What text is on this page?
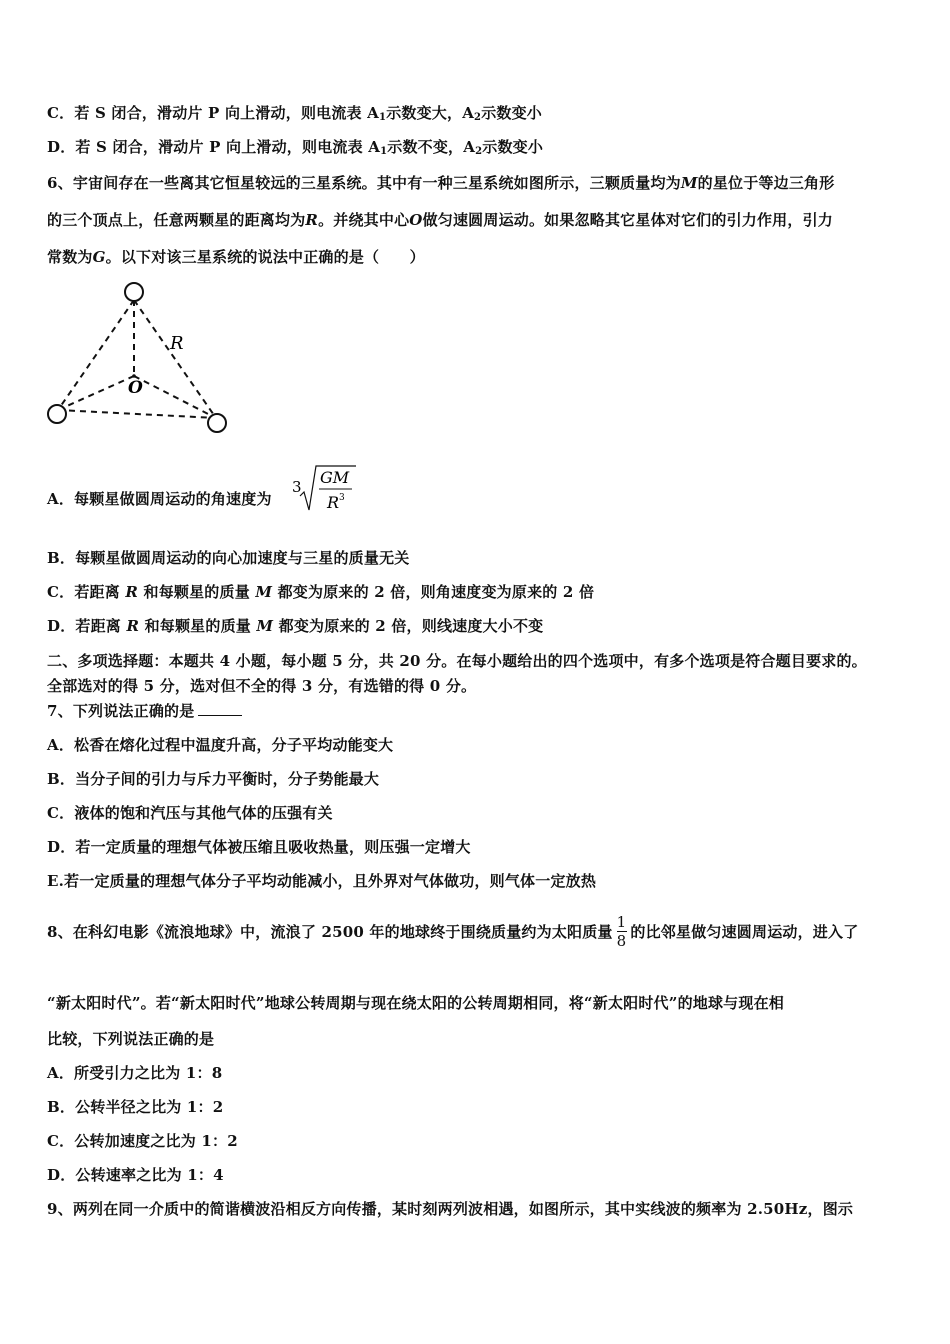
C．若 S 闭合，滑动片 P 向上滑动，则电流表 $A_1$示数变大，$A_2$示数变小
D．若 S 闭合，滑动片 P 向上滑动，则电流表 $A_1$示数不变，$A_2$示数变小
6、宇宙间存在一些离其它恒星较远的三星系统。其中有一种三星系统如图所示，三颗质量均为M的星位于等边三角形
的三个顶点上，任意两颗星的距离均为R。并绕其中心O做匀速圆周运动。如果忽略其它星体对它们的引力作用，引力
常数为G。以下对该三星系统的说法中正确的是（　　）
R
O
A．每颗星做圆周运动的角速度为
3 GM
R 3
B．每颗星做圆周运动的向心加速度与三星的质量无关
C．若距离 R 和每颗星的质量 M 都变为原来的 2 倍，则角速度变为原来的 2 倍
D．若距离 R 和每颗星的质量 M 都变为原来的 2 倍，则线速度大小不变
二、多项选择题：本题共 4 小题，每小题 5 分，共 20 分。在每小题给出的四个选项中，有多个选项是符合题目要求的。
全部选对的得 5 分，选对但不全的得 3 分，有选错的得 0 分。
7、下列说法正确的是
A．松香在熔化过程中温度升高，分子平均动能变大
B．当分子间的引力与斥力平衡时，分子势能最大
C．液体的饱和汽压与其他气体的压强有关
D．若一定质量的理想气体被压缩且吸收热量，则压强一定增大
E.若一定质量的理想气体分子平均动能减小，且外界对气体做功，则气体一定放热
8、在科幻电影《流浪地球》中，流浪了 2500 年的地球终于围绕质量约为太阳质量 $\frac{1}{8}$ 的比邻星做匀速圆周运动，进入了
“新太阳时代”。若“新太阳时代”地球公转周期与现在绕太阳的公转周期相同，将“新太阳时代”的地球与现在相
比较，下列说法正确的是
A．所受引力之比为 1：8
B．公转半径之比为 1：2
C．公转加速度之比为 1：2
D．公转速率之比为 1：4
9、两列在同一介质中的简谐横波沿相反方向传播，某时刻两列波相遇，如图所示，其中实线波的频率为 2.50Hz，图示
